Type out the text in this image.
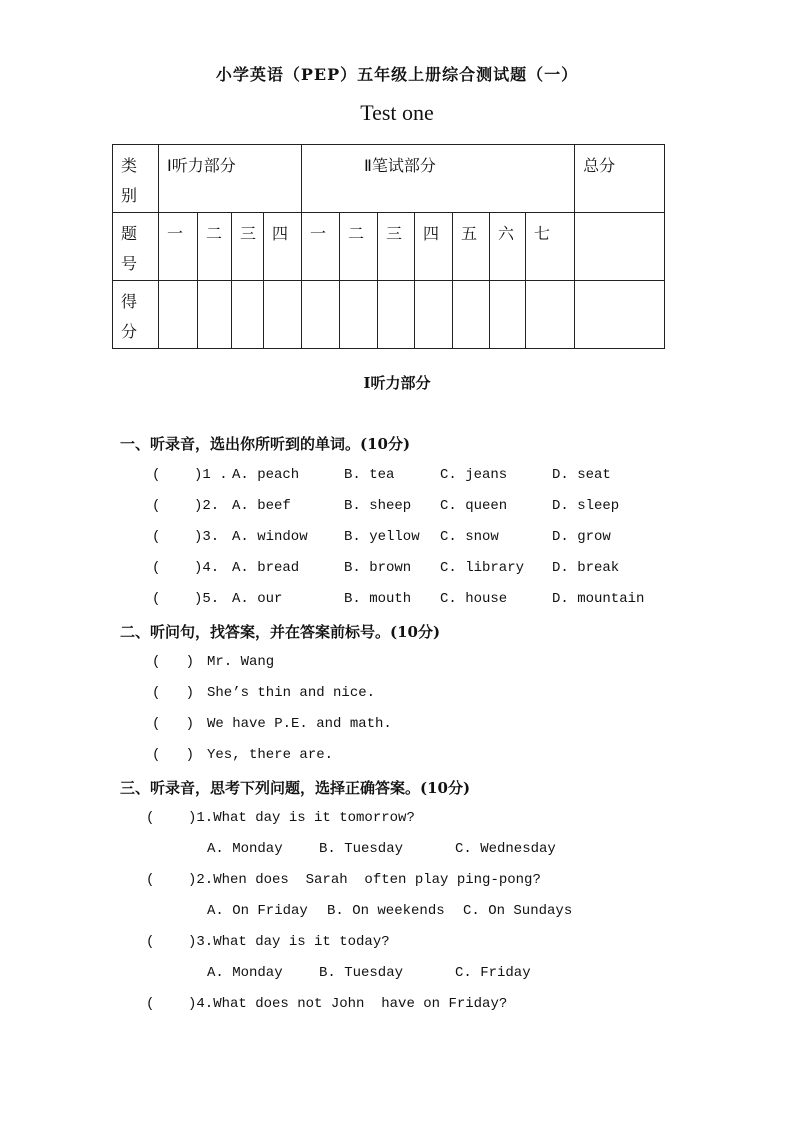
小学英语（PEP）五年级上册综合测试题（一）
Test one
类
别	Ⅰ听力部分				Ⅱ笔试部分							总分
题
号	一	二	三	四	一	二	三	四	五	六	七	
得
分												
Ⅰ听力部分
一、听录音，选出你所听到的单词。(10分)
(    )1 . A. peach	B. tea	C. jeans	D. seat
(    )2. A. beef	B. sheep C. queen	D. sleep
(    )3. A. window	B. yellow C. snow	D. grow
(    )4. A. bread	B. brown C. library D. break
(    )5. A. our	B. mouth C. house	D. mountain
二、听问句，找答案，并在答案前标号。(10分)
(   ) Mr. Wang
(   ) She’s thin and nice.
(   ) We have P.E. and math.
(   ) Yes, there are.
三、听录音，思考下列问题，选择正确答案。(10分)
(    )1.What day is it tomorrow?
A. Monday	B. Tuesday	C. Wednesday
(    )2.When does  Sarah  often play ping-pong?
A. On Friday B. On weekends C. On Sundays
(    )3.What day is it today?
A. Monday	B. Tuesday	C. Friday
(    )4.What does not John  have on Friday?
